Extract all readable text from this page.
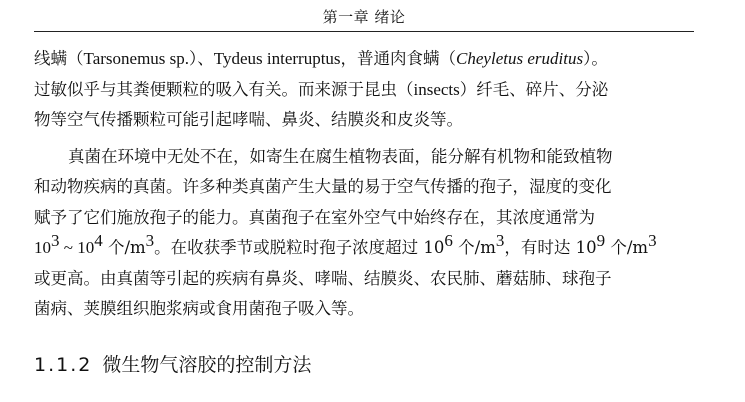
第一章 绪论
线螨（Tarsonemus sp.）、Tydeus interruptus，普通肉食螨（Cheyletus eruditus）。
过敏似乎与其粪便颗粒的吸入有关。而来源于昆虫（insects）纤毛、碎片、分泌
物等空气传播颗粒可能引起哮喘、鼻炎、结膜炎和皮炎等。
真菌在环境中无处不在，如寄生在腐生植物表面，能分解有机物和能致植物
和动物疾病的真菌。许多种类真菌产生大量的易于空气传播的孢子，湿度的变化
赋予了它们施放孢子的能力。真菌孢子在室外空气中始终存在，其浓度通常为
$10^3$ ~ $10^4$ 个$/m^3$。在收获季节或脱粒时孢子浓度超过 $10^6$ 个$/m^3$，有时达 $10^9$ 个$/m^3$
或更高。由真菌等引起的疾病有鼻炎、哮喘、结膜炎、农民肺、蘑菇肺、球孢子
菌病、荚膜组织胞浆病或食用菌孢子吸入等。
1.1.2 微生物气溶胶的控制方法
